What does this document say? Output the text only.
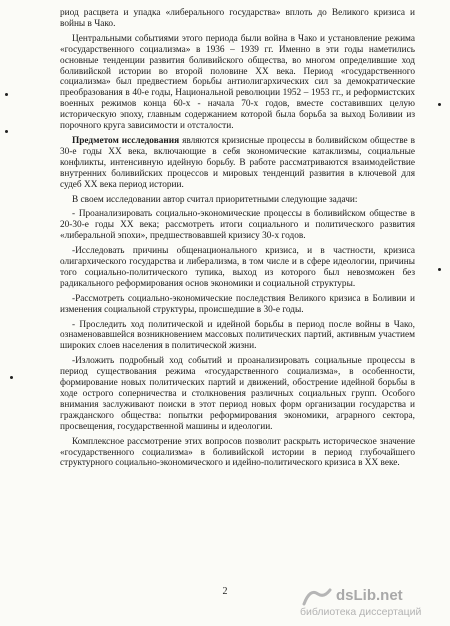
риод расцвета и упадка «либерального государства» вплоть до Великого кризиса и войны в Чако.

Центральными событиями этого периода были война в Чако и установление режима «государственного социализма» в 1936 – 1939 гг. Именно в эти годы наметились основные тенденции развития боливийского общества, во многом определившие ход боливийской истории во второй половине XX века. Период «государственного социализма» был предвестием борьбы антиолигархических сил за демократические преобразования в 40-е годы, Национальной революции 1952 – 1953 гг., и реформистских военных режимов конца 60-х - начала 70-х годов, вместе составивших целую историческую эпоху, главным содержанием которой была борьба за выход Боливии из порочного круга зависимости и отсталости.

Предметом исследования являются кризисные процессы в боливийском обществе в 30-е годы XX века, включающие в себя экономические катаклизмы, социальные конфликты, интенсивную идейную борьбу. В работе рассматриваются взаимодействие внутренних боливийских процессов и мировых тенденций развития в ключевой для судеб XX века период истории.

В своем исследовании автор считал приоритетными следующие задачи:

- Проанализировать социально-экономические процессы в боливийском обществе в 20-30-е годы XX века; рассмотреть итоги социального и политического развития «либеральной эпохи», предшествовавшей кризису 30-х годов.

-Исследовать причины общенационального кризиса, и в частности, кризиса олигархического государства и либерализма, в том числе и в сфере идеологии, причины того социально-политического тупика, выход из которого был невозможен без радикального реформирования основ экономики и социальной структуры.

-Рассмотреть социально-экономические последствия Великого кризиса в Боливии и изменения социальной структуры, происшедшие в 30-е годы.

- Проследить ход политической и идейной борьбы в период после войны в Чако, ознаменовавшейся возникновением массовых политических партий, активным участием широких слоев населения в политической жизни.

-Изложить подробный ход событий и проанализировать социальные процессы в период существования режима «государственного социализма», в особенности, формирование новых политических партий и движений, обострение идейной борьбы в ходе острого соперничества и столкновения различных социальных групп. Особого внимания заслуживают поиски в этот период новых форм организации государства и гражданского общества: попытки реформирования экономики, аграрного сектора, просвещения, государственной машины и идеологии.

Комплексное рассмотрение этих вопросов позволит раскрыть историческое значение «государственного социализма» в боливийской истории в период глубочайшего структурного социально-экономического и идейно-политического кризиса в XX веке.

2	dsLib.net
библиотека диссертаций
